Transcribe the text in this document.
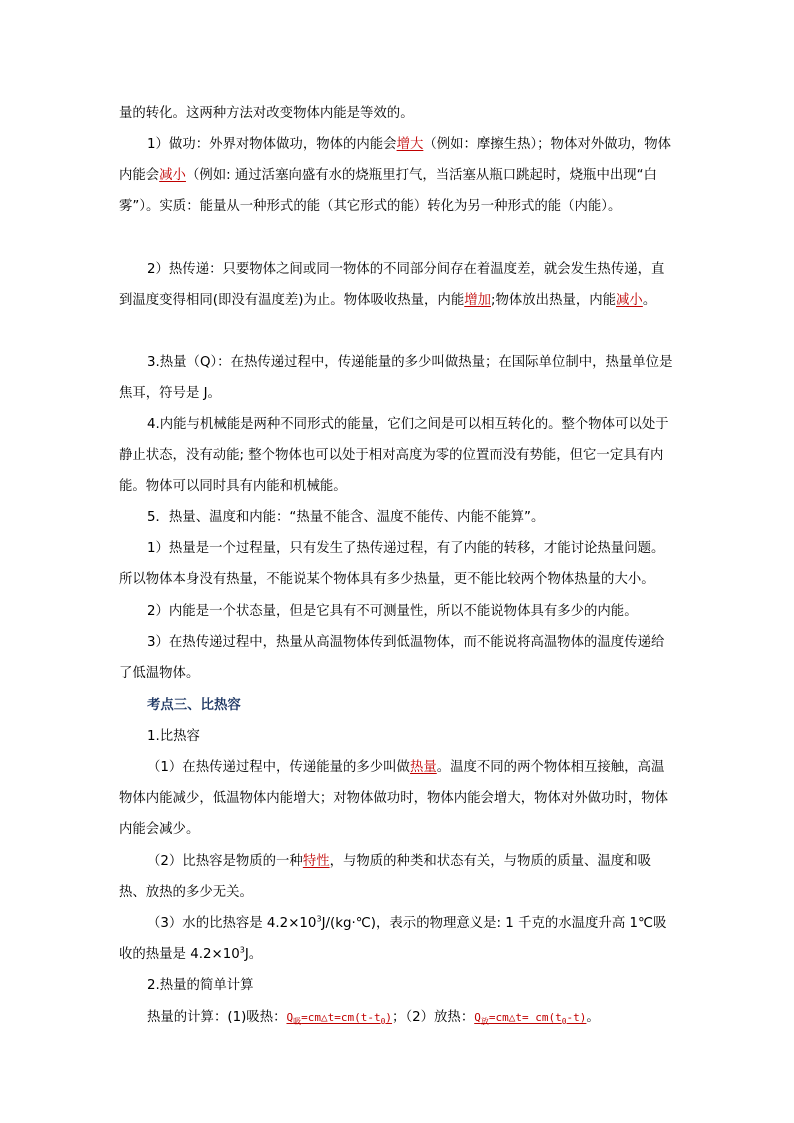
量的转化。这两种方法对改变物体内能是等效的。
1）做功：外界对物体做功，物体的内能会增大（例如：摩擦生热）；物体对外做功，物体内能会减小（例如: 通过活塞向盛有水的烧瓶里打气，当活塞从瓶口跳起时，烧瓶中出现“白雾”）。实质：能量从一种形式的能（其它形式的能）转化为另一种形式的能（内能）。
2）热传递：只要物体之间或同一物体的不同部分间存在着温度差，就会发生热传递，直到温度变得相同(即没有温度差)为止。物体吸收热量，内能增加;物体放出热量，内能减小。
3.热量（Q）：在热传递过程中，传递能量的多少叫做热量；在国际单位制中，热量单位是焦耳，符号是 J。
4.内能与机械能是两种不同形式的能量，它们之间是可以相互转化的。整个物体可以处于静止状态，没有动能; 整个物体也可以处于相对高度为零的位置而没有势能，但它一定具有内能。物体可以同时具有内能和机械能。
5．热量、温度和内能：“热量不能含、温度不能传、内能不能算”。
1）热量是一个过程量，只有发生了热传递过程，有了内能的转移，才能讨论热量问题。所以物体本身没有热量，不能说某个物体具有多少热量，更不能比较两个物体热量的大小。
2）内能是一个状态量，但是它具有不可测量性，所以不能说物体具有多少的内能。
3）在热传递过程中，热量从高温物体传到低温物体，而不能说将高温物体的温度传递给了低温物体。
考点三、比热容
1.比热容
（1）在热传递过程中，传递能量的多少叫做热量。温度不同的两个物体相互接触，高温物体内能减少，低温物体内能增大；对物体做功时，物体内能会增大，物体对外做功时，物体内能会减少。
（2）比热容是物质的一种特性，与物质的种类和状态有关，与物质的质量、温度和吸热、放热的多少无关。
（3）水的比热容是 $4.2\times 10^3J/(kg\cdot℃)$，表示的物理意义是: 1 千克的水温度升高 1℃吸收的热量是 $4.2\times 10^3J$。
2.热量的简单计算
热量的计算：(1)吸热：$Q_吸=cm\triangle t=cm(t-t_0)$；（2）放热：$Q_放=cm\triangle t= cm(t_0-t)$。
